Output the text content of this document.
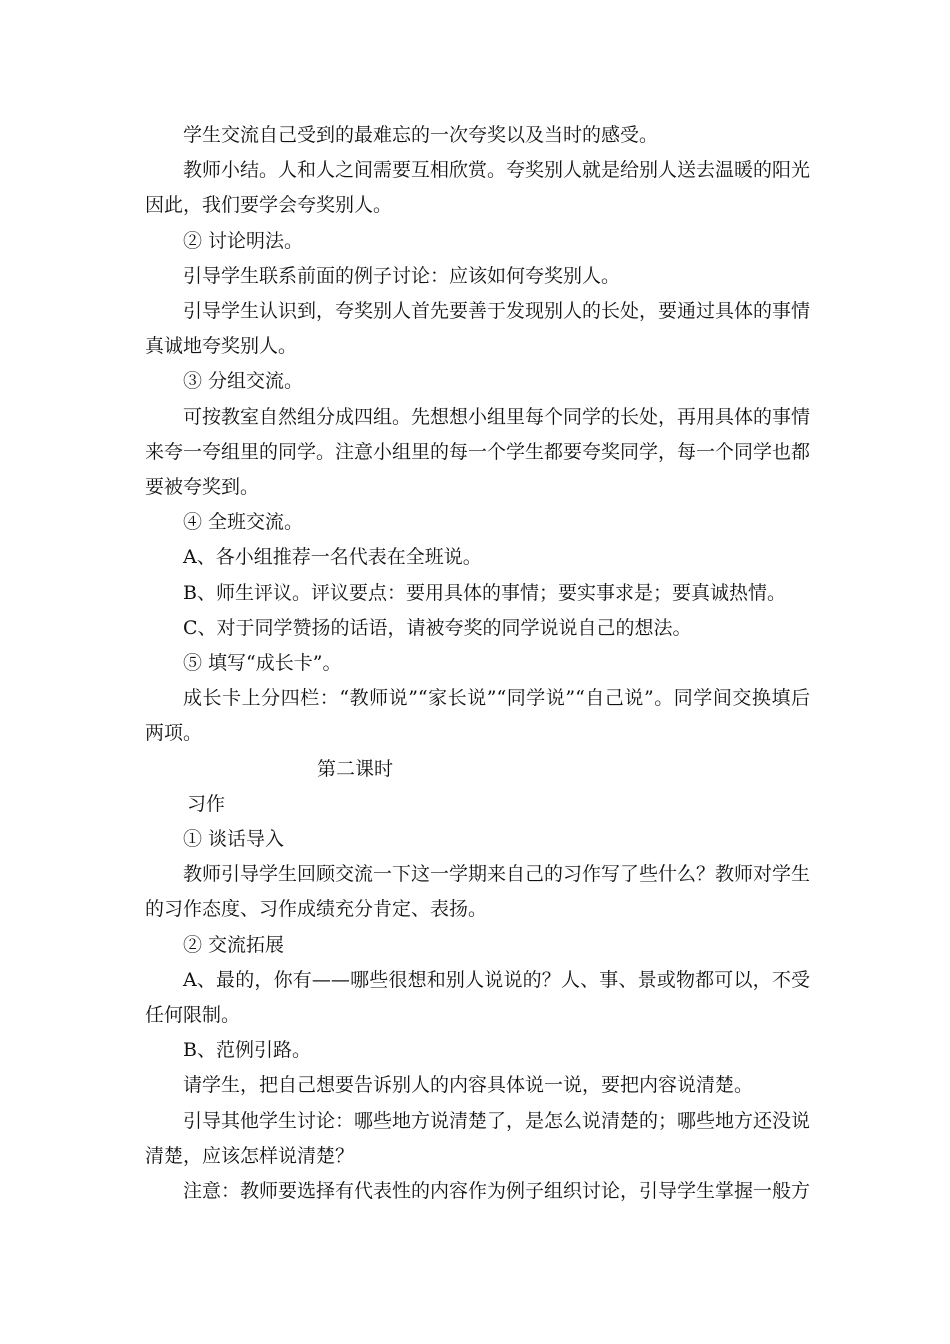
学生交流自己受到的最难忘的一次夸奖以及当时的感受。

教师小结。人和人之间需要互相欣赏。夸奖别人就是给别人送去温暖的阳光因此，我们要学会夸奖别人。

② 讨论明法。

引导学生联系前面的例子讨论：应该如何夸奖别人。

引导学生认识到，夸奖别人首先要善于发现别人的长处，要通过具体的事情真诚地夸奖别人。

③ 分组交流。

可按教室自然组分成四组。先想想小组里每个同学的长处，再用具体的事情来夸一夸组里的同学。注意小组里的每一个学生都要夸奖同学，每一个同学也都要被夸奖到。

④ 全班交流。

A、各小组推荐一名代表在全班说。

B、师生评议。评议要点：要用具体的事情；要实事求是；要真诚热情。

C、对于同学赞扬的话语，请被夸奖的同学说说自己的想法。

⑤ 填写“成长卡”。

成长卡上分四栏：“教师说”“家长说”“同学说”“自己说”。同学间交换填后两项。

第二课时

习作

① 谈话导入

教师引导学生回顾交流一下这一学期来自己的习作写了些什么？教师对学生的习作态度、习作成绩充分肯定、表扬。

② 交流拓展

A、最的，你有——哪些很想和别人说说的？人、事、景或物都可以，不受任何限制。

B、范例引路。

请学生，把自己想要告诉别人的内容具体说一说，要把内容说清楚。

引导其他学生讨论：哪些地方说清楚了，是怎么说清楚的；哪些地方还没说清楚，应该怎样说清楚？

注意：教师要选择有代表性的内容作为例子组织讨论，引导学生掌握一般方
